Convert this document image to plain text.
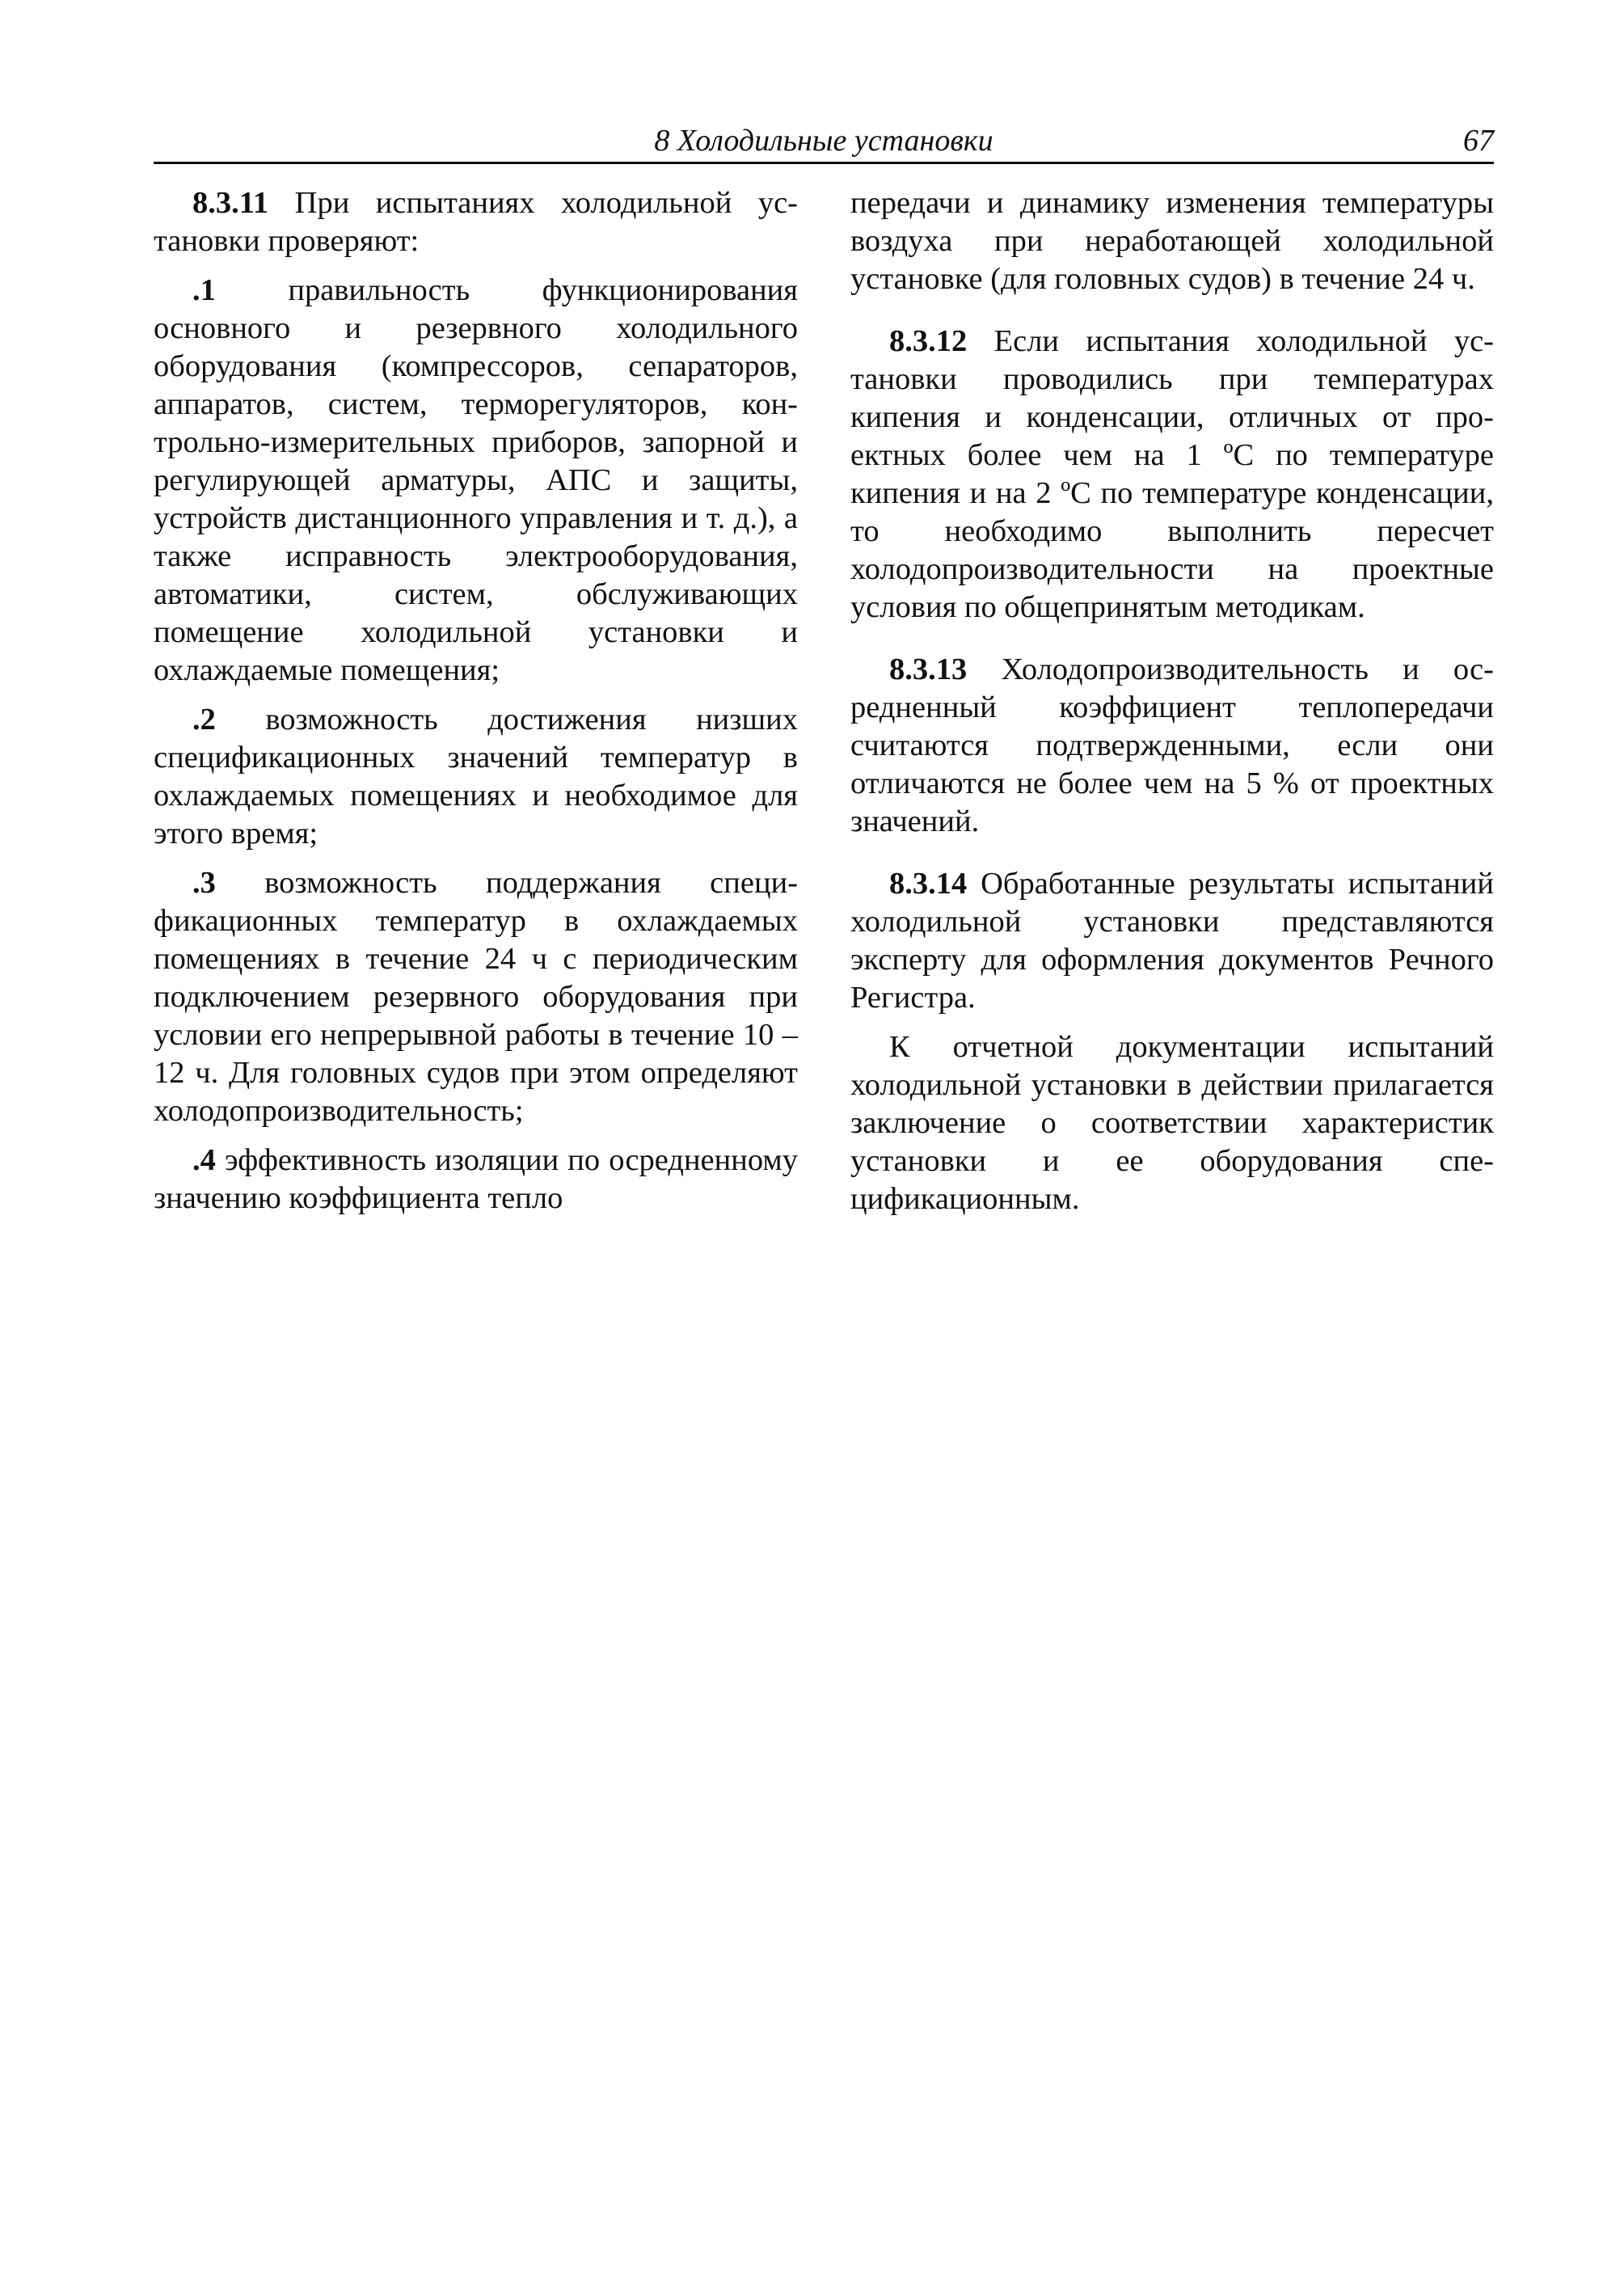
8 Холодильные установки	67

8.3.11 При испытаниях холодильной установки проверяют:

.1 правильность функционирования основного и резервного холодильного оборудования (компрессоров, сепараторов, аппаратов, систем, терморегуляторов, контрольно-измерительных приборов, запорной и регулирующей арматуры, АПС и защиты, устройств дистанционного управления и т. д.), а также исправность электрооборудования, автоматики, систем, обслуживающих помещение холодильной установки и охлаждаемые помещения;

.2 возможность достижения низших спецификационных значений температур в охлаждаемых помещениях и необходимое для этого время;

.3 возможность поддержания спецификационных температур в охлаждаемых помещениях в течение 24 ч с периодическим подключением резервного оборудования при условии его непрерывной работы в течение 10 – 12 ч. Для головных судов при этом определяют холодопроизводительность;

.4 эффективность изоляции по осредненному значению коэффициента тепло

передачи и динамику изменения температуры воздуха при неработающей холодильной установке (для головных судов) в течение 24 ч.

8.3.12 Если испытания холодильной установки проводились при температурах кипения и конденсации, отличных от проектных более чем на 1 ºС по температуре кипения и на 2 ºС по температуре конденсации, то необходимо выполнить пересчет холодопроизводительности на проектные условия по общепринятым методикам.

8.3.13 Холодопроизводительность и осредненный коэффициент теплопередачи считаются подтвержденными, если они отличаются не более чем на 5 % от проектных значений.

8.3.14 Обработанные результаты испытаний холодильной установки представляются эксперту для оформления документов Речного Регистра.

К отчетной документации испытаний холодильной установки в действии прилагается заключение о соответствии характеристик установки и ее оборудования спецификационным.
